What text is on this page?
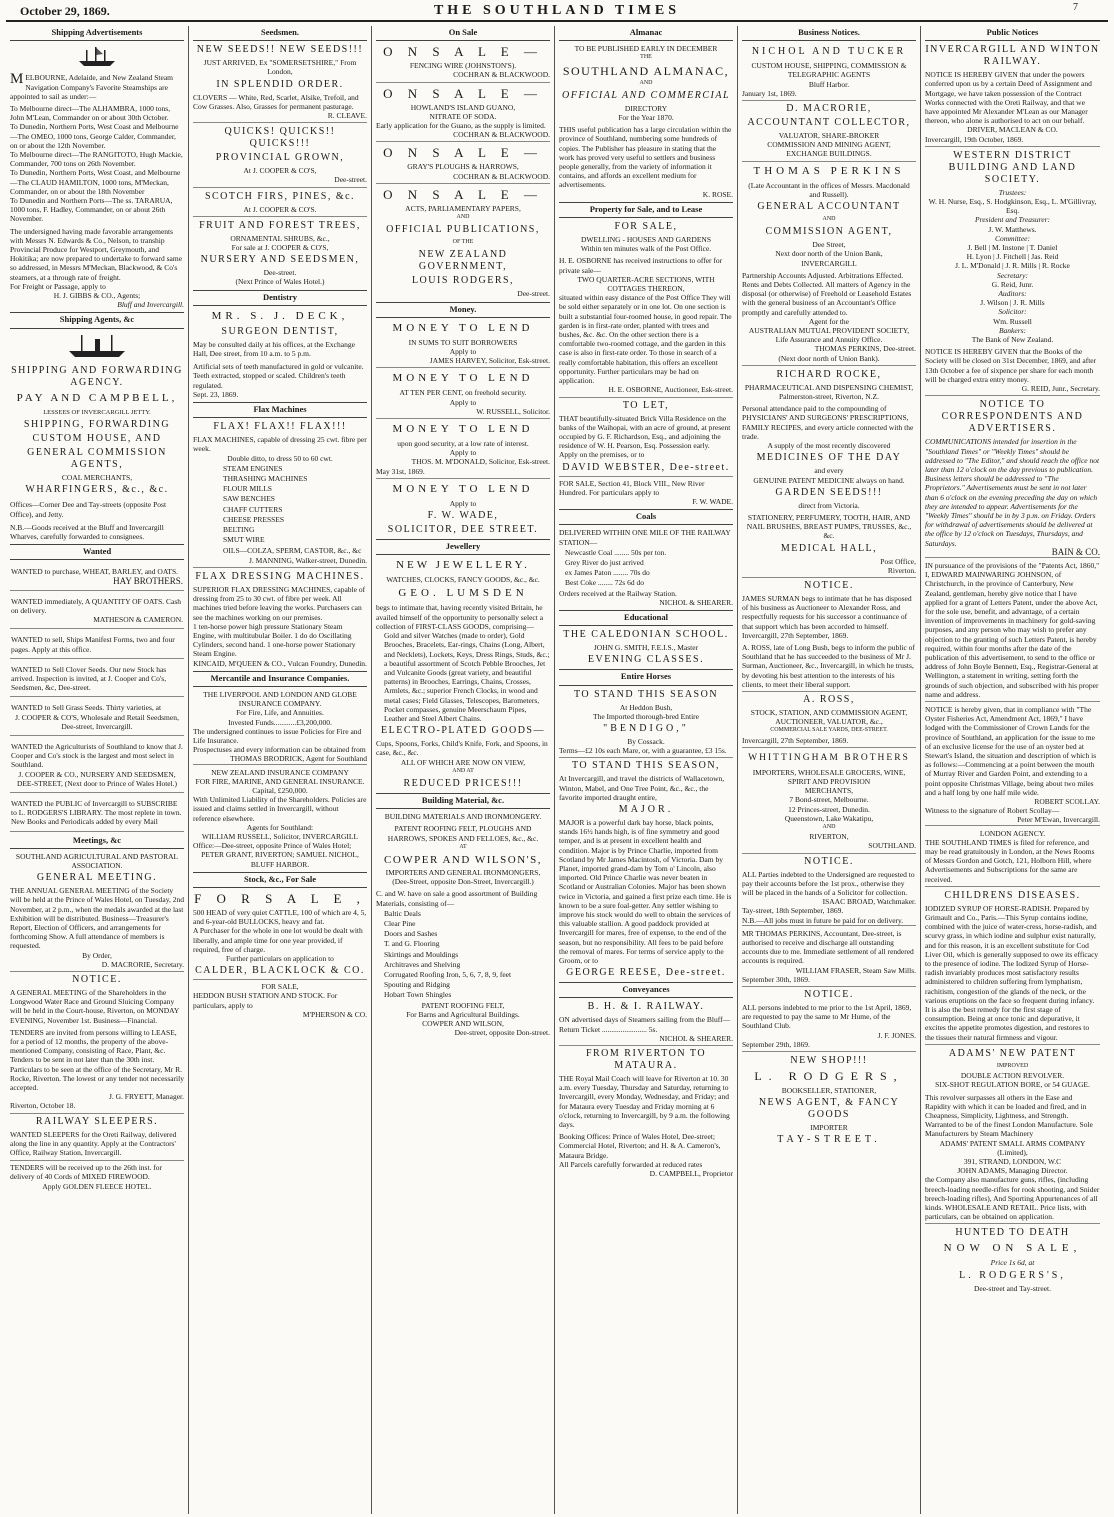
October 29, 1869.	THE SOUTHLAND TIMES	7
Shipping Advertisements
MELBOURNE, Adelaide, and New Zealand Steam Navigation Company's Favorite Steamships are appointed to sail as under:—
To Melbourne direct—The ALHAMBRA, 1000 tons, John M'Lean, Commander on or about 30th October.
To Dunedin, Northern Ports, West Coast and Melbourne—The OMEO, 1000 tons, George Calder, Commander, on or about the 12th November.
To Melbourne direct—The RANGITOTO, Hugh Mackie, Commander, 700 tons on 26th November.
To Dunedin, Northern Ports, West Coast, and Melbourne—The CLAUD HAMILTON, 1000 tons, M'Meckan, Commander, on or about the 18th November
To Dunedin and Northern Ports—The ss. TARARUA, 1000 tons, F. Hadley, Commander, on or about 26th November.
The undersigned having made favorable arrangements with Messrs N. Edwards & Co., Nelson, to tranship Provincial Produce for Westport, Greymouth, and Hokitika; are now prepared to undertake to forward same so addressed, in Messrs M'Meckan, Blackwood, & Co's steamers, at a through rate of freight.
For Freight or Passage, apply to
H. J. GIBBS & CO., Agents;
Bluff and Invercargill.
Shipping Agents, &c
SHIPPING AND FORWARDING AGENCY.
PAY AND CAMPBELL,
LESSEES OF INVERCARGILL JETTY.
SHIPPING, FORWARDING
CUSTOM HOUSE, AND
GENERAL COMMISSION AGENTS,
COAL MERCHANTS,
WHARFINGERS, &c., &c.
Offices—Corner Dee and Tay-streets (opposite Post Office), and Jetty.
N.B.—Goods received at the Bluff and Invercargill Wharves, carefully forwarded to consignees.
Wanted
WANTED to purchase, WHEAT, BARLEY, and OATS.
HAY BROTHERS.
WANTED immediately, A QUANTITY OF OATS. Cash on delivery.
MATHESON & CAMERON.
WANTED to sell, Ships Manifest Forms, two and four pages. Apply at this office.
WANTED to Sell Clover Seeds. Our new Stock has arrived. Inspection is invited, at J. Cooper and Co's, Seedsmen, &c, Dee-street.
WANTED to Sell Grass Seeds. Thirty varieties, at
J. COOPER & CO'S, Wholesale and Retail Seedsmen, Dee-street, Invercargill.
WANTED the Agriculturists of Southland to know that J. Cooper and Co's stock is the largest and most select in Southland.
J. COOPER & CO., NURSERY AND SEEDSMEN, DEE-STREET, (Next door to Prince of Wales Hotel.)
WANTED the PUBLIC of Invercargill to SUBSCRIBE to L. RODGERS'S LIBRARY. The most replete in town. New Books and Periodicals added by every Mail
Meetings, &c
SOUTHLAND AGRICULTURAL AND PASTORAL ASSOCIATION.
GENERAL MEETING.
THE ANNUAL GENERAL MEETING of the Society will be held at the Prince of Wales Hotel, on Tuesday, 2nd November, at 2 p.m., when the medals awarded at the last Exhibition will be distributed. Business—Treasurer's Report, Election of Officers, and arrangements for forthcoming Show. A full attendance of members is requested.
By Order,
D. MACRORIE, Secretary.
NOTICE.
A GENERAL MEETING of the Shareholders in the Longwood Water Race and Ground Sluicing Company will be held in the Court-house, Riverton, on MONDAY EVENING, November 1st. Business—Financial.
TENDERS are invited from persons willing to LEASE, for a period of 12 months, the property of the above-mentioned Company, consisting of Race, Plant, &c. Tenders to be sent in not later than the 30th inst. Particulars to be seen at the office of the Secretary, Mr R. Rocke, Riverton. The lowest or any tender not necessarily accepted.
J. G. FRYETT, Manager.
Riverton, October 18.
RAILWAY SLEEPERS.
WANTED SLEEPERS for the Oreti Railway, delivered along the line in any quantity. Apply at the Contractors' Office, Railway Station, Invercargill.
TENDERS will be received up to the 26th inst. for delivery of 40 Cords of MIXED FIREWOOD.
Apply GOLDEN FLEECE HOTEL.
Seedsmen.
NEW SEEDS!! NEW SEEDS!!!
JUST ARRIVED, Ex "SOMERSETSHIRE," From London,
IN SPLENDID ORDER.
CLOVERS — White, Red, Scarlet, Alsike, Trefoil, and Cow Grasses. Also, Grasses for permanent pasturage.
R. CLEAVE.
QUICKS! QUICKS!! QUICKS!!!
PROVINCIAL GROWN,
At J. COOPER & CO'S,
Dee-street.
SCOTCH FIRS, PINES, &c.
At J. COOPER & CO'S.
FRUIT AND FOREST TREES,
ORNAMENTAL SHRUBS, &c.,
For sale at J. COOPER & CO'S,
NURSERY AND SEEDSMEN,
Dee-street.
(Next Prince of Wales Hotel.)
Dentistry
MR. S. J. DECK,
SURGEON DENTIST,
May be consulted daily at his offices, at the Exchange Hall, Dee street, from 10 a.m. to 5 p.m.
Artificial sets of teeth manufactured in gold or vulcanite. Teeth extracted, stopped or scaled. Children's teeth regulated.
Sept. 23, 1869.
Flax Machines
FLAX! FLAX!! FLAX!!!
FLAX MACHINES, capable of dressing 25 cwt. fibre per week.
Double ditto, to dress 50 to 60 cwt.
STEAM ENGINES
THRASHING MACHINES
FLOUR MILLS
SAW BENCHES
CHAFF CUTTERS
CHEESE PRESSES
BELTING
SMUT WIRE
OILS—COLZA, SPERM, CASTOR, &c., &c
J. MANNING, Walker-street, Dunedin.
FLAX DRESSING MACHINES.
SUPERIOR FLAX DRESSING MACHINES, capable of dressing from 25 to 30 cwt. of fibre per week. All machines tried before leaving the works. Purchasers can see the machines working on our premises.
1 ten-horse power high pressure Stationary Steam Engine, with multitubular Boiler. 1 do do Oscillating Cylinders, second hand. 1 one-horse power Stationary Steam Engine.
KINCAID, M'QUEEN & CO., Vulcan Foundry, Dunedin.
Mercantile and Insurance Companies.
THE LIVERPOOL AND LONDON AND GLOBE INSURANCE COMPANY.
For Fire, Life, and Annuities.
Invested Funds............£3,200,000.
The undersigned continues to issue Policies for Fire and Life Insurance.
Prospectuses and every information can be obtained from
THOMAS BRODRICK, Agent for Southland
NEW ZEALAND INSURANCE COMPANY
FOR FIRE, MARINE, AND GENERAL INSURANCE.
Capital, £250,000.
With Unlimited Liability of the Shareholders. Policies are issued and claims settled in Invercargill, without reference elsewhere.
Agents for Southland:
WILLIAM RUSSELL, Solicitor, INVERCARGILL
Office:—Dee-street, opposite Prince of Wales Hotel;
PETER GRANT, RIVERTON; SAMUEL NICHOL, BLUFF HARBOR.
Stock, &c., For Sale
F O R S A L E ,
500 HEAD of very quiet CATTLE, 100 of which are 4, 5, and 6-year-old BULLOCKS, heavy and fat.
A Purchaser for the whole in one lot would be dealt with liberally, and ample time for one year provided, if required, free of charge.
Further particulars on application to
CALDER, BLACKLOCK & CO.
FOR SALE,
HEDDON BUSH STATION AND STOCK. For particulars, apply to
M'PHERSON & CO.
On Sale
O N S A L E —
FENCING WIRE (JOHNSTON'S).
COCHRAN & BLACKWOOD.
O N S A L E —
HOWLAND'S ISLAND GUANO,
NITRATE OF SODA.
Early application for the Guano, as the supply is limited.
COCHRAN & BLACKWOOD.
O N S A L E —
GRAY'S PLOUGHS & HARROWS,
COCHRAN & BLACKWOOD.
O N S A L E —
ACTS, PARLIAMENTARY PAPERS,
AND
OFFICIAL PUBLICATIONS,
OF THE
NEW ZEALAND GOVERNMENT,
LOUIS RODGERS,
Dee-street.
Money.
MONEY TO LEND
IN SUMS TO SUIT BORROWERS
Apply to
JAMES HARVEY, Solicitor, Esk-street.
MONEY TO LEND
AT TEN PER CENT, on freehold security.
Apply to
W. RUSSELL, Solicitor.
MONEY TO LEND
upon good security, at a low rate of interest.
Apply to
THOS. M. M'DONALD, Solicitor, Esk-street.
May 31st, 1869.
MONEY TO LEND
Apply to
F. W. WADE,
SOLICITOR, DEE STREET.
Jewellery
NEW JEWELLERY.
WATCHES, CLOCKS, FANCY GOODS, &c., &c.
GEO. LUMSDEN
begs to intimate that, having recently visited Britain, he availed himself of the opportunity to personally select a collection of FIRST-CLASS GOODS, comprising—
Gold and silver Watches (made to order), Gold Brooches, Bracelets, Ear-rings, Chains (Long, Albert, and Necklets), Lockets, Keys, Dress Rings, Studs, &c.; a beautiful assortment of Scotch Pebble Brooches, Jet and Vulcanite Goods (great variety, and beautiful patterns) in Brooches, Earrings, Chains, Crosses, Armlets, &c.; superior French Clocks, in wood and metal cases; Field Glasses, Telescopes, Barometers, Pocket compasses, genuine Meerschaum Pipes, Leather and Steel Albert Chains.
ELECTRO-PLATED GOODS—
Cups, Spoons, Forks, Child's Knife, Fork, and Spoons, in case, &c., &c.
ALL OF WHICH ARE NOW ON VIEW,
AND AT
REDUCED PRICES!!!
Building Material, &c.
BUILDING MATERIALS AND IRONMONGERY.
PATENT ROOFING FELT, PLOUGHS AND HARROWS, SPOKES AND FELLOES, &c., &c.
AT
COWPER AND WILSON'S,
IMPORTERS AND GENERAL IRONMONGERS,
(Dee-Street, opposite Don-Street, Invercargill.)
C. and W. have on sale a good assortment of Building Materials, consisting of—
Baltic Deals
Clear Pine
Doors and Sashes
T. and G. Flooring
Skirtings and Mouldings
Architraves and Shelving
Corrugated Roofing Iron, 5, 6, 7, 8, 9, feet
Spouting and Ridging
Hobart Town Shingles
PATENT ROOFING FELT,
For Barns and Agricultural Buildings.
COWPER AND WILSON,
Dee-street, opposite Don-street.
Almanac
TO BE PUBLISHED EARLY IN DECEMBER
THE
SOUTHLAND ALMANAC,
AND
OFFICIAL AND COMMERCIAL
DIRECTORY
For the Year 1870.
THIS useful publication has a large circulation within the province of Southland, numbering some hundreds of copies. The Publisher has pleasure in stating that the work has proved very useful to settlers and business people generally, from the variety of information it contains, and affords an excellent medium for advertisements.
K. ROSE.
Property for Sale, and to Lease
FOR SALE,
DWELLING - HOUSES AND GARDENS
Within ten minutes walk of the Post Office.
H. E. OSBORNE has received instructions to offer for private sale—
TWO QUARTER-ACRE SECTIONS, WITH COTTAGES THEREON,
situated within easy distance of the Post Office They will be sold either separately or in one lot. On one section is built a substantial four-roomed house, in good repair. The garden is in first-rate order, planted with trees and bushes, &c. &c. On the other section there is a comfortable two-roomed cottage, and the garden in this case is also in first-rate order. To those in search of a really comfortable habitation, this offers an excellent opportunity. Further particulars may be had on application.
H. E. OSBORNE, Auctioneer, Esk-street.
TO LET,
THAT beautifully-situated Brick Villa Residence on the banks of the Waihopai, with an acre of ground, at present occupied by G. F. Richardson, Esq., and adjoining the residence of W. H. Pearson, Esq. Possession early.
Apply on the premises, or to
DAVID WEBSTER, Dee-street.
FOR SALE, Section 41, Block VIII., New River Hundred. For particulars apply to
F. W. WADE.
Coals
DELIVERED WITHIN ONE MILE OF THE RAILWAY STATION—
Newcastle Coal ........ 50s per ton.
Grey River do just arrived
ex James Paton ........ 70s do
Best Coke ........ 72s 6d do
Orders received at the Railway Station.
NICHOL & SHEARER.
Educational
THE CALEDONIAN SCHOOL.
JOHN G. SMITH, F.E.I.S., Master
EVENING CLASSES.
Entire Horses
TO STAND THIS SEASON
At Heddon Bush,
The Imported thorough-bred Entire
"BENDIGO,"
By Cossack.
Terms—£2 10s each Mare, or, with a guarantee, £3 15s.
TO STAND THIS SEASON,
At Invercargill, and travel the districts of Wallacetown, Winton, Mabel, and One Tree Point, &c., &c., the favorite imported draught entire,
MAJOR.
MAJOR is a powerful dark bay horse, black points, stands 16½ hands high, is of fine symmetry and good temper, and is at present in excellent health and condition. Major is by Prince Charlie, imported from Scotland by Mr James Macintosh, of Victoria. Dam by Planet, imported grand-dam by Tom o' Lincoln, also imported. Old Prince Charlie was never beaten in Scotland or Australian Colonies. Major has been shown twice in Victoria, and gained a first prize each time. He is known to be a sure foal-getter. Any settler wishing to improve his stock would do well to obtain the services of this valuable stallion. A good paddock provided at Invercargill for mares, free of expense, to the end of the season, but no responsibility. All fees to be paid before the removal of mares. For terms of service apply to the Groom, or to
GEORGE REESE, Dee-street.
Conveyances
B. H. & I. RAILWAY.
ON advertised days of Steamers sailing from the Bluff—
Return Ticket ........................ 5s.
NICHOL & SHEARER.
FROM RIVERTON TO MATAURA.
THE Royal Mail Coach will leave for Riverton at 10. 30 a.m. every Tuesday, Thursday and Saturday, returning to Invercargill, every Monday, Wednesday, and Friday; and for Mataura every Tuesday and Friday morning at 6 o'clock, returning to Invercargill, by 9 a.m. the following days.
Booking Offices: Prince of Wales Hotel, Dee-street; Commercial Hotel, Riverton; and H. & A. Cameron's, Mataura Bridge.
All Parcels carefully forwarded at reduced rates
D. CAMPBELL, Proprietor
Business Notices.
NICHOL AND TUCKER
CUSTOM HOUSE, SHIPPING, COMMISSION & TELEGRAPHIC AGENTS
Bluff Harbor.
January 1st, 1869.
D. MACRORIE,
ACCOUNTANT COLLECTOR,
VALUATOR, SHARE-BROKER
COMMISSION AND MINING AGENT,
EXCHANGE BUILDINGS.
THOMAS PERKINS
(Late Accountant in the offices of Messrs. Macdonald and Russell).
GENERAL ACCOUNTANT
AND
COMMISSION AGENT,
Dee Street,
Next door north of the Union Bank,
INVERCARGILL
Partnership Accounts Adjusted. Arbitrations Effected. Rents and Debts Collected. All matters of Agency in the disposal (or otherwise) of Freehold or Leasehold Estates with the general business of an Accountant's Office promptly and carefully attended to.
Agent for the
AUSTRALIAN MUTUAL PROVIDENT SOCIETY,
Life Assurance and Annuity Office.
THOMAS PERKINS, Dee-street.
(Next door north of Union Bank).
RICHARD ROCKE,
PHARMACEUTICAL AND DISPENSING CHEMIST,
Palmerston-street, Riverton, N.Z.
Personal attendance paid to the compounding of PHYSICIANS' AND SURGEONS' PRESCRIPTIONS, FAMILY RECIPES, and every article connected with the trade.
A supply of the most recently discovered
MEDICINES OF THE DAY
and every
GENUINE PATENT MEDICINE always on hand.
GARDEN SEEDS!!!
direct from Victoria.
STATIONERY, PERFUMERY, TOOTH, HAIR, AND NAIL BRUSHES, BREAST PUMPS, TRUSSES, &c., &c.
MEDICAL HALL,
Post Office,
Riverton.
NOTICE.
JAMES SURMAN begs to intimate that he has disposed of his business as Auctioneer to Alexander Ross, and respectfully requests for his successor a continuance of that support which has been accorded to himself.
Invercargill, 27th September, 1869.
A. ROSS, late of Long Bush, begs to inform the public of Southland that he has succeeded to the business of Mr J. Surman, Auctioneer, &c., Invercargill, in which he trusts, by devoting his best attention to the interests of his clients, to meet their liberal support.
A. ROSS,
STOCK, STATION, AND COMMISSION AGENT,
AUCTIONEER, VALUATOR, &c.,
COMMERCIAL SALE YARDS, DEE-STREET.
Invercargill, 27th September, 1869.
WHITTINGHAM BROTHERS
IMPORTERS, WHOLESALE GROCERS, WINE, SPIRIT AND PROVISION
MERCHANTS,
7 Bond-street, Melbourne.
12 Princes-street, Dunedin.
Queenstown, Lake Wakatipu,
AND
RIVERTON,
SOUTHLAND.
NOTICE.
ALL Parties indebted to the Undersigned are requested to pay their accounts before the 1st prox., otherwise they will be placed in the hands of a Solicitor for collection.
ISAAC BROAD, Watchmaker.
Tay-street, 18th September, 1869.
N.B.—All jobs must in future be paid for on delivery.
MR THOMAS PERKINS, Accountant, Dee-street, is authorised to receive and discharge all outstanding accounts due to me. Immediate settlement of all rendered accounts is required.
WILLIAM FRASER, Steam Saw Mills.
September 30th, 1869.
NOTICE.
ALL persons indebted to me prior to the 1st April, 1869, are requested to pay the same to Mr Hume, of the Southland Club.
J. F. JONES.
September 29th, 1869.
NEW SHOP!!!
L. RODGERS,
BOOKSELLER, STATIONER,
NEWS AGENT, & FANCY GOODS
IMPORTER
TAY-STREET.
Public Notices
INVERCARGILL AND WINTON RAILWAY.
NOTICE IS HEREBY GIVEN that under the powers conferred upon us by a certain Deed of Assignment and Mortgage, we have taken possession of the Contract Works connected with the Oreti Railway, and that we have appointed Mr Alexander M'Lean as our Manager thereon, who alone is authorised to act on our behalf.
DRIVER, MACLEAN & CO.
Invercargill, 19th October, 1869.
WESTERN DISTRICT BUILDING AND LAND SOCIETY.
Trustees:
W. H. Nurse, Esq., S. Hodgkinson, Esq., L. M'Gillivray, Esq.
President and Treasurer:
J. W. Matthews.
Committee:
J. Bell | M. Instone | T. Daniel
H. Lyon | J. Fitchell | Jas. Reid
J. L. M'Donald | J. R. Mills | R. Rocke
Secretary:
G. Reid, Junr.
Auditors:
J. Wilson | J. R. Mills
Solicitor:
Wm. Russell
Bankers:
The Bank of New Zealand.
NOTICE IS HEREBY GIVEN that the Books of the Society will be closed on 31st December, 1869, and after 13th October a fee of sixpence per share for each month will be charged extra entry money.
G. REID, Junr., Secretary.
NOTICE TO CORRESPONDENTS AND ADVERTISERS.
COMMUNICATIONS intended for insertion in the "Southland Times" or "Weekly Times" should be addressed to "The Editor," and should reach the office not later than 12 o'clock on the day previous to publication. Business letters should be addressed to "The Proprietors." Advertisements must be sent in not later than 6 o'clock on the evening preceding the day on which they are intended to appear. Advertisements for the "Weekly Times" should be in by 3 p.m. on Friday. Orders for withdrawal of advertisements should be delivered at the office by 12 o'clock on Tuesdays, Thursdays, and Saturdays.
BAIN & CO.
IN pursuance of the provisions of the "Patents Act, 1860," I, EDWARD MAINWARING JOHNSON, of Christchurch, in the province of Canterbury, New Zealand, gentleman, hereby give notice that I have applied for a grant of Letters Patent, under the above Act, for the sole use, benefit, and advantage, of a certain invention of improvements in machinery for gold-saving purposes, and any person who may wish to prefer any objection to the granting of such Letters Patent, is hereby required, within four months after the date of the publication of this advertisement, to send to the office or address of John Boyle Bennett, Esq., Registrar-General at Wellington, a statement in writing, setting forth the grounds of such objection, and subscribed with his proper name and address.
NOTICE is hereby given, that in compliance with "The Oyster Fisheries Act, Amendment Act, 1869," I have lodged with the Commissioner of Crown Lands for the province of Southland, an application for the issue to me of an exclusive license for the use of an oyster bed at Stewart's Island, the situation and description of which is as follows:—Commencing at a point between the mouth of Murray River and Garden Point, and extending to a point opposite Christmas Village, being about two miles and a half long by one half mile wide.
ROBERT SCOLLAY.
Witness to the signature of Robert Scollay—
Peter M'Ewan, Invercargill.
LONDON AGENCY.
THE SOUTHLAND TIMES is filed for reference, and may be read gratuitously in London, at the News Rooms of Messrs Gordon and Gotch, 121, Holborn Hill, where Advertisements and Subscriptions for the same are received.
CHILDRENS DISEASES.
IODIZED SYRUP OF HORSE-RADISH. Prepared by Grimault and Co., Paris.—This Syrup contains iodine, combined with the juice of water-cress, horse-radish, and scurvy grass, in which iodine and sulphur exist naturally, and for this reason, it is an excellent substitute for Cod Liver Oil, which is generally supposed to owe its efficacy to the presence of iodine. The Iodized Syrup of Horse-radish invariably produces most satisfactory results administered to children suffering from lymphatism, rachitism, congestion of the glands of the neck, or the various eruptions on the face so frequent during infancy. It is also the best remedy for the first stage of consumption. Being at once tonic and depurative, it excites the appetite promotes digestion, and restores to the tissues their natural firmness and vigour.
ADAMS' NEW PATENT
IMPROVED
DOUBLE ACTION REVOLVER.
SIX-SHOT REGULATION BORE, or 54 GUAGE.
This revolver surpasses all others in the Ease and Rapidity with which it can be loaded and fired, and in Cheapness, Simplicity, Lightness, and Strength. Warranted to be of the finest London Manufacture. Sole Manufacturers by Steam Machinery
ADAMS' PATENT SMALL ARMS COMPANY (Limited),
391, STRAND, LONDON, W.C
JOHN ADAMS, Managing Director.
the Company also manufacture guns, rifles, (including breech-loading needle-rifles for rook shooting, and Snider breech-loading rifles), And Sporting Appurtenances of all kinds. WHOLESALE AND RETAIL. Price lists, with particulars, can be obtained on application.
HUNTED TO DEATH
NOW ON SALE,
Price 1s 6d, at
L. RODGERS'S,
Dee-street and Tay-street.
